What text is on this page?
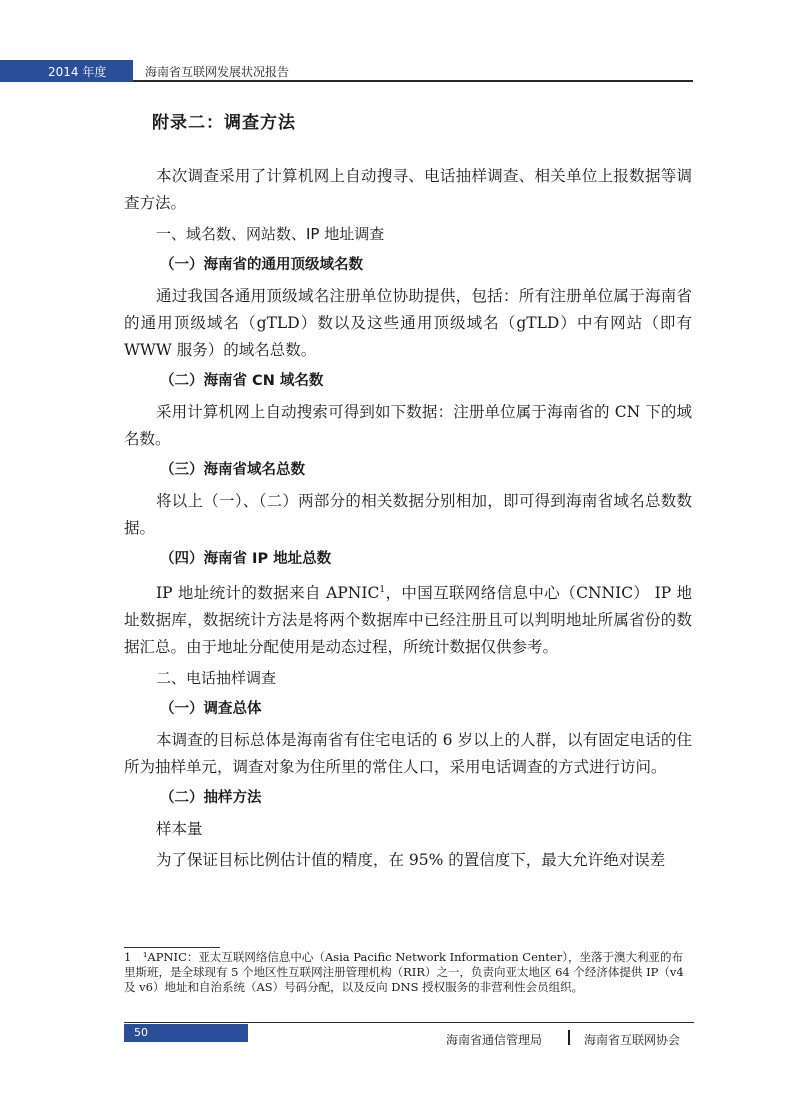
2014 年度	海南省互联网发展状况报告
附录二：调查方法

本次调查采用了计算机网上自动搜寻、电话抽样调查、相关单位上报数据等调查方法。

一、域名数、网站数、IP 地址调查
（一）海南省的通用顶级域名数

通过我国各通用顶级域名注册单位协助提供，包括：所有注册单位属于海南省的通用顶级域名（gTLD）数以及这些通用顶级域名（gTLD）中有网站（即有 WWW 服务）的域名总数。

（二）海南省 CN 域名数

采用计算机网上自动搜索可得到如下数据：注册单位属于海南省的 CN 下的域名数。

（三）海南省域名总数

将以上（一）、（二）两部分的相关数据分别相加，即可得到海南省域名总数数据。

（四）海南省 IP 地址总数

IP 地址统计的数据来自 APNIC$^1$，中国互联网络信息中心（CNNIC） IP 地址数据库，数据统计方法是将两个数据库中已经注册且可以判明地址所属省份的数据汇总。由于地址分配使用是动态过程，所统计数据仅供参考。

二、电话抽样调查
（一）调查总体

本调查的目标总体是海南省有住宅电话的 6 岁以上的人群，以有固定电话的住所为抽样单元，调查对象为住所里的常住人口，采用电话调查的方式进行访问。

（二）抽样方法

样本量

为了保证目标比例估计值的精度，在 95% 的置信度下，最大允许绝对误差

1　¹APNIC：亚太互联网络信息中心（Asia Pacific Network Information Center），坐落于澳大利亚的布里斯班，是全球现有 5 个地区性互联网注册管理机构（RIR）之一，负责向亚太地区 64 个经济体提供 IP（v4 及 v6）地址和自治系统（AS）号码分配，以及反向 DNS 授权服务的非营利性会员组织。
50
海南省通信管理局	海南省互联网协会
